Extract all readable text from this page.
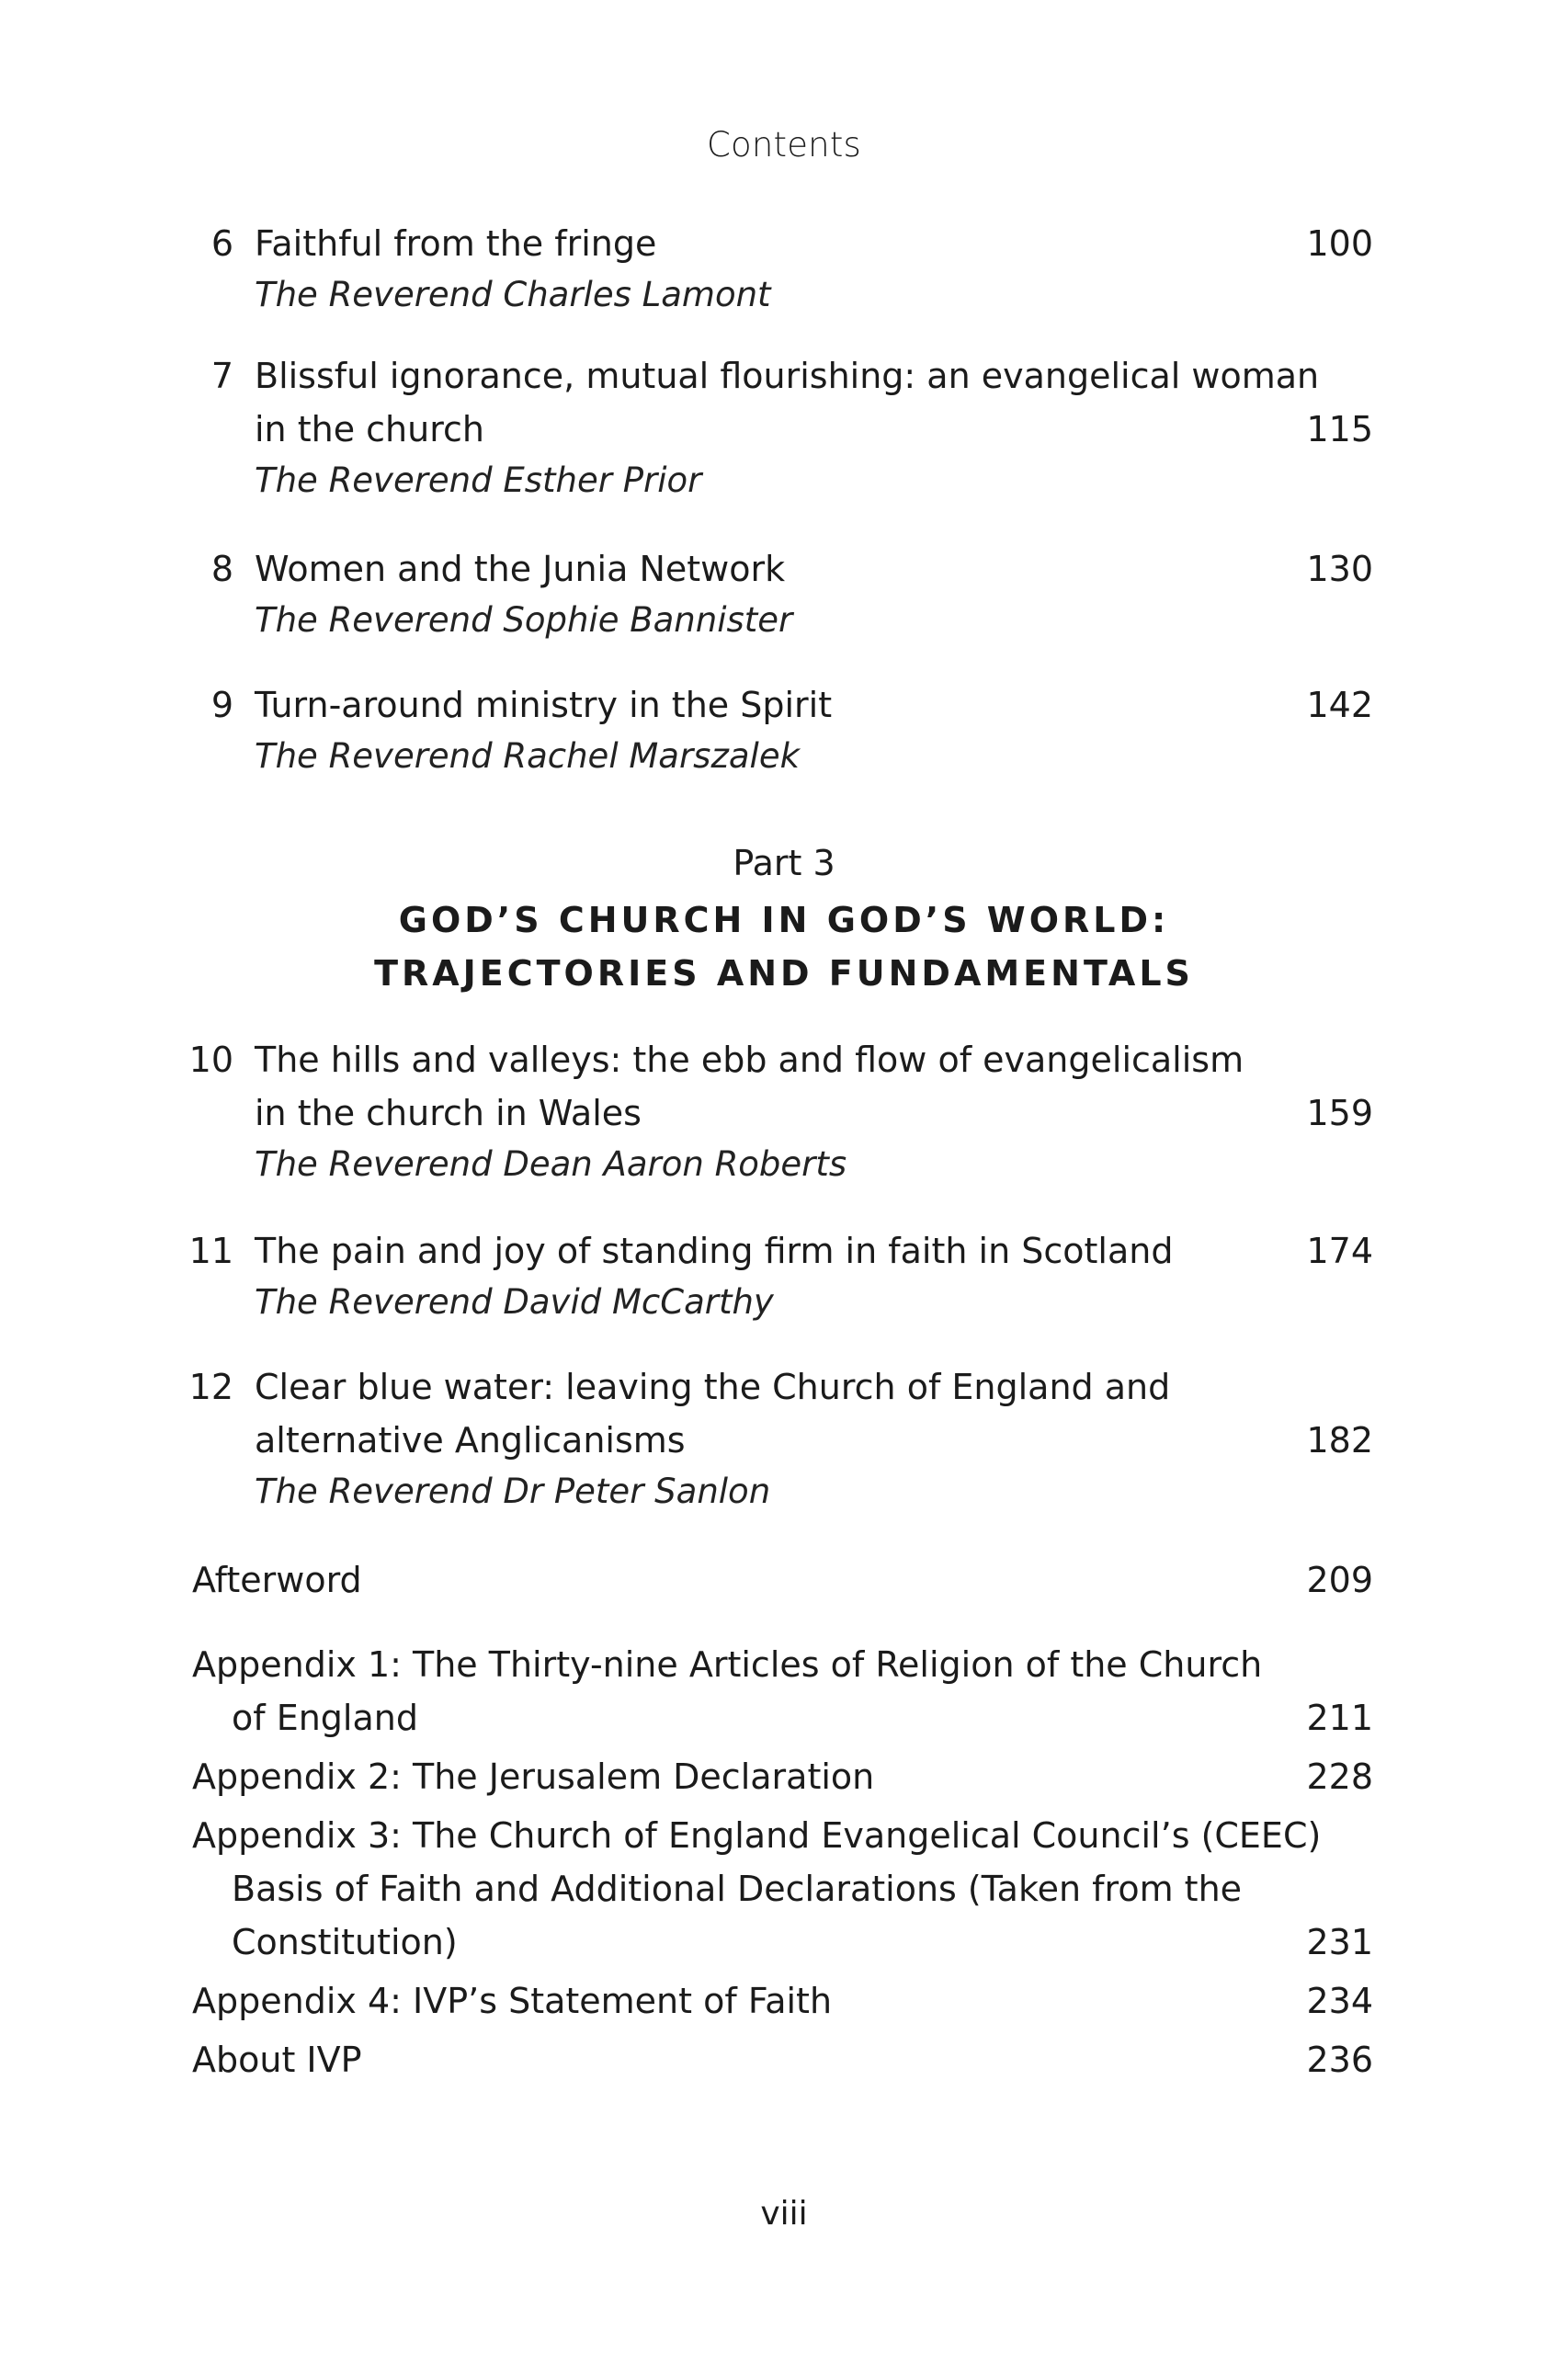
Contents
6 Faithful from the fringe	100
The Reverend Charles Lamont
7 Blissful ignorance, mutual flourishing: an evangelical woman
in the church	115
The Reverend Esther Prior
8 Women and the Junia Network	130
The Reverend Sophie Bannister
9 Turn-around ministry in the Spirit	142
The Reverend Rachel Marszalek
Part 3
GOD’S CHURCH IN GOD’S WORLD:
TRAJECTORIES AND FUNDAMENTALS
10 The hills and valleys: the ebb and flow of evangelicalism
in the church in Wales	159
The Reverend Dean Aaron Roberts
11 The pain and joy of standing firm in faith in Scotland	174
The Reverend David McCarthy
12 Clear blue water: leaving the Church of England and
alternative Anglicanisms	182
The Reverend Dr Peter Sanlon
Afterword	209
Appendix 1: The Thirty-nine Articles of Religion of the Church
of England	211
Appendix 2: The Jerusalem Declaration	228
Appendix 3: The Church of England Evangelical Council’s (CEEC)
Basis of Faith and Additional Declarations (Taken from the
Constitution)	231
Appendix 4: IVP’s Statement of Faith	234
About IVP	236
viii
